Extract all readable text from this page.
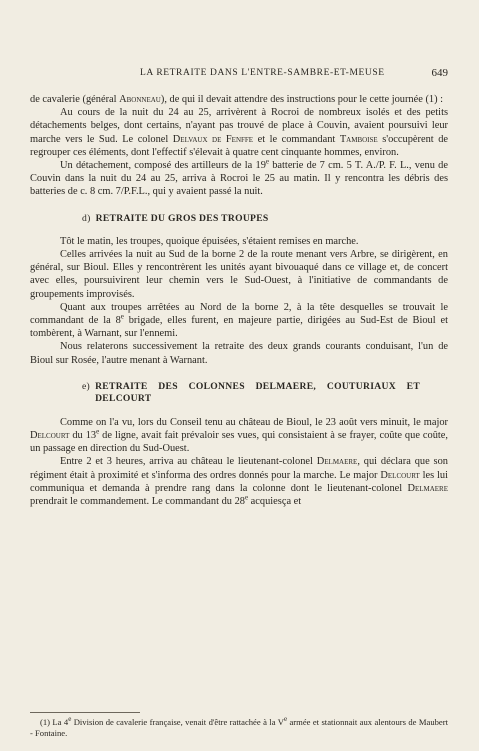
LA RETRAITE DANS L'ENTRE-SAMBRE-ET-MEUSE	649

de cavalerie (général Abonneau), de qui il devait attendre des instructions pour le cette journée (1) :

Au cours de la nuit du 24 au 25, arrivèrent à Rocroi de nombreux isolés et des petits détachements belges, dont certains, n'ayant pas trouvé de place à Couvin, avaient poursuivi leur marche vers le Sud. Le colonel Delvaux de Fenffe et le commandant Tamboise s'occupèrent de regrouper ces éléments, dont l'effectif s'élevait à quatre cent cinquante hommes, environ.

Un détachement, composé des artilleurs de la 19e batterie de 7 cm. 5 T. A./P. F. L., venu de Couvin dans la nuit du 24 au 25, arriva à Rocroi le 25 au matin. Il y rencontra les débris des batteries de c. 8 cm. 7/P.F.L., qui y avaient passé la nuit.

d) RETRAITE DU GROS DES TROUPES

Tôt le matin, les troupes, quoique épuisées, s'étaient remises en marche.

Celles arrivées la nuit au Sud de la borne 2 de la route menant vers Arbre, se dirigèrent, en général, sur Bioul. Elles y rencontrèrent les unités ayant bivouaqué dans ce village et, de concert avec elles, poursuivirent leur chemin vers le Sud-Ouest, à l'initiative de commandants de groupements improvisés.

Quant aux troupes arrêtées au Nord de la borne 2, à la tête desquelles se trouvait le commandant de la 8e brigade, elles furent, en majeure partie, dirigées au Sud-Est de Bioul et tombèrent, à Warnant, sur l'ennemi.

Nous relaterons successivement la retraite des deux grands courants conduisant, l'un de Bioul sur Rosée, l'autre menant à Warnant.

e) RETRAITE DES COLONNES DELMAERE, COUTURIAUX ET DELCOURT

Comme on l'a vu, lors du Conseil tenu au château de Bioul, le 23 août vers minuit, le major Delcourt du 13e de ligne, avait fait prévaloir ses vues, qui consistaient à se frayer, coûte que coûte, un passage en direction du Sud-Ouest.

Entre 2 et 3 heures, arriva au château le lieutenant-colonel Delmaere, qui déclara que son régiment était à proximité et s'informa des ordres donnés pour la marche. Le major Delcourt les lui communiqua et demanda à prendre rang dans la colonne dont le lieutenant-colonel Delmaere prendrait le commandement. Le commandant du 28e acquiesça et

(1) La 4e Division de cavalerie française, venait d'être rattachée à la Ve armée et stationnait aux alentours de Maubert - Fontaine.
